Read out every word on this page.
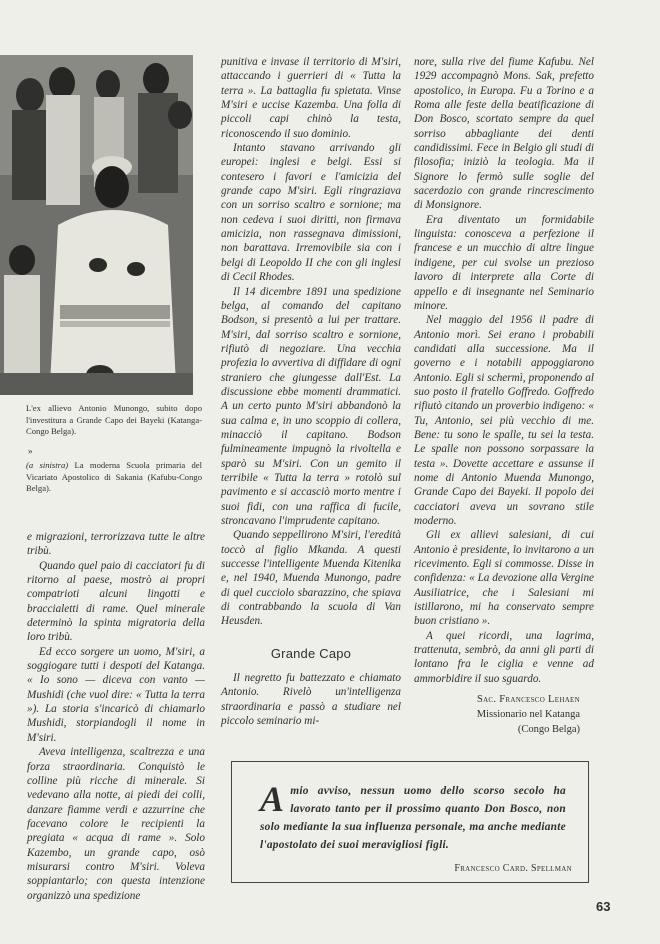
L'ex allievo Antonio Munongo, subito dopo l'investitura a Grande Capo dei Bayeki (Katanga-Congo Belga).
»
(a sinistra) La moderna Scuola primaria del Vicariato Apostolico di Sakania (Kafubu-Congo Belga).

e migrazioni, terrorizzava tutte le altre tribù.

Quando quel paio di cacciatori fu di ritorno al paese, mostrò ai propri compatrioti alcuni lingotti e braccialetti di rame. Quel minerale determinò la spinta migratoria della loro tribù.

Ed ecco sorgere un uomo, M'siri, a soggiogare tutti i despoti del Katanga. « Io sono — diceva con vanto — Mushidi (che vuol dire: « Tutta la terra »). La storia s'incaricò di chiamarlo Mushidi, storpiandogli il nome in M'siri.

Aveva intelligenza, scaltrezza e una forza straordinaria. Conquistò le colline più ricche di minerale. Si vedevano alla notte, ai piedi dei colli, danzare fiamme verdi e azzurrine che facevano colore le recipienti la pregiata « acqua di rame ». Solo Kazembo, un grande capo, osò misurarsi contro M'siri. Voleva soppiantarlo; con questa intenzione organizzò una spedizione

punitiva e invase il territorio di M'siri, attaccando i guerrieri di « Tutta la terra ». La battaglia fu spietata. Vinse M'siri e uccise Kazemba. Una folla di piccoli capi chinò la testa, riconoscendo il suo dominio.

Intanto stavano arrivando gli europei: inglesi e belgi. Essi si contesero i favori e l'amicizia del grande capo M'siri. Egli ringraziava con un sorriso scaltro e sornione; ma non cedeva i suoi diritti, non firmava amicizia, non rassegnava dimissioni, non barattava. Irremovibile sia con i belgi di Leopoldo II che con gli inglesi di Cecil Rhodes.

Il 14 dicembre 1891 una spedizione belga, al comando del capitano Bodson, si presentò a lui per trattare. M'siri, dal sorriso scaltro e sornione, rifiutò di negoziare. Una vecchia profezia lo avvertiva di diffidare di ogni straniero che giungesse dall'Est. La discussione ebbe momenti drammatici. A un certo punto M'siri abbandonò la sua calma e, in uno scoppio di collera, minacciò il capitano. Bodson fulmineamente impugnò la rivoltella e sparò su M'siri. Con un gemito il terribile « Tutta la terra » rotolò sul pavimento e si accasciò morto mentre i suoi fidi, con una raffica di fucile, stroncavano l'imprudente capitano.

Quando seppellirono M'siri, l'eredità toccò al figlio Mkanda. A questi successe l'intelligente Muenda Kitenika e, nel 1940, Muenda Munongo, padre di quel cucciolo sbarazzino, che spiava di contrabbando la scuola di Van Heusden.

Grande Capo

Il negretto fu battezzato e chiamato Antonio. Rivelò un'intelligenza straordinaria e passò a studiare nel piccolo seminario mi-

nore, sulla rive del fiume Kafubu. Nel 1929 accompagnò Mons. Sak, prefetto apostolico, in Europa. Fu a Torino e a Roma alle feste della beatificazione di Don Bosco, scortato sempre da quel sorriso abbagliante dei denti candidissimi. Fece in Belgio gli studi di filosofia; iniziò la teologia. Ma il Signore lo fermò sulle soglie del sacerdozio con grande rincrescimento di Monsignore.

Era diventato un formidabile linguista: conosceva a perfezione il francese e un mucchio di altre lingue indigene, per cui svolse un prezioso lavoro di interprete alla Corte di appello e di insegnante nel Seminario minore.

Nel maggio del 1956 il padre di Antonio morì. Sei erano i probabili candidati alla successione. Ma il governo e i notabili appoggiarono Antonio. Egli si schermì, proponendo al suo posto il fratello Goffredo. Goffredo rifiutò citando un proverbio indigeno: « Tu, Antonio, sei più vecchio di me. Bene: tu sono le spalle, tu sei la testa. Le spalle non possono sorpassare la testa ». Dovette accettare e assunse il nome di Antonio Muenda Munongo, Grande Capo dei Bayeki. Il popolo dei cacciatori aveva un sovrano stile moderno.

Gli ex allievi salesiani, di cui Antonio è presidente, lo invitarono a un ricevimento. Egli si commosse. Disse in confidenza: « La devozione alla Vergine Ausiliatrice, che i Salesiani mi istillarono, mi ha conservato sempre buon cristiano ».

A quei ricordi, una lagrima, trattenuta, sembrò, da anni gli parti di lontano fra le ciglia e venne ad ammorbidire il suo sguardo.

Sac. Francesco Lehaen
Missionario nel Katanga
(Congo Belga)
Amio avviso, nessun uomo dello scorso secolo ha lavorato tanto per il prossimo quanto Don Bosco, non solo mediante la sua influenza personale, ma anche mediante l'apostolato dei suoi meravigliosi figli.
Francesco Card. Spellman
63
